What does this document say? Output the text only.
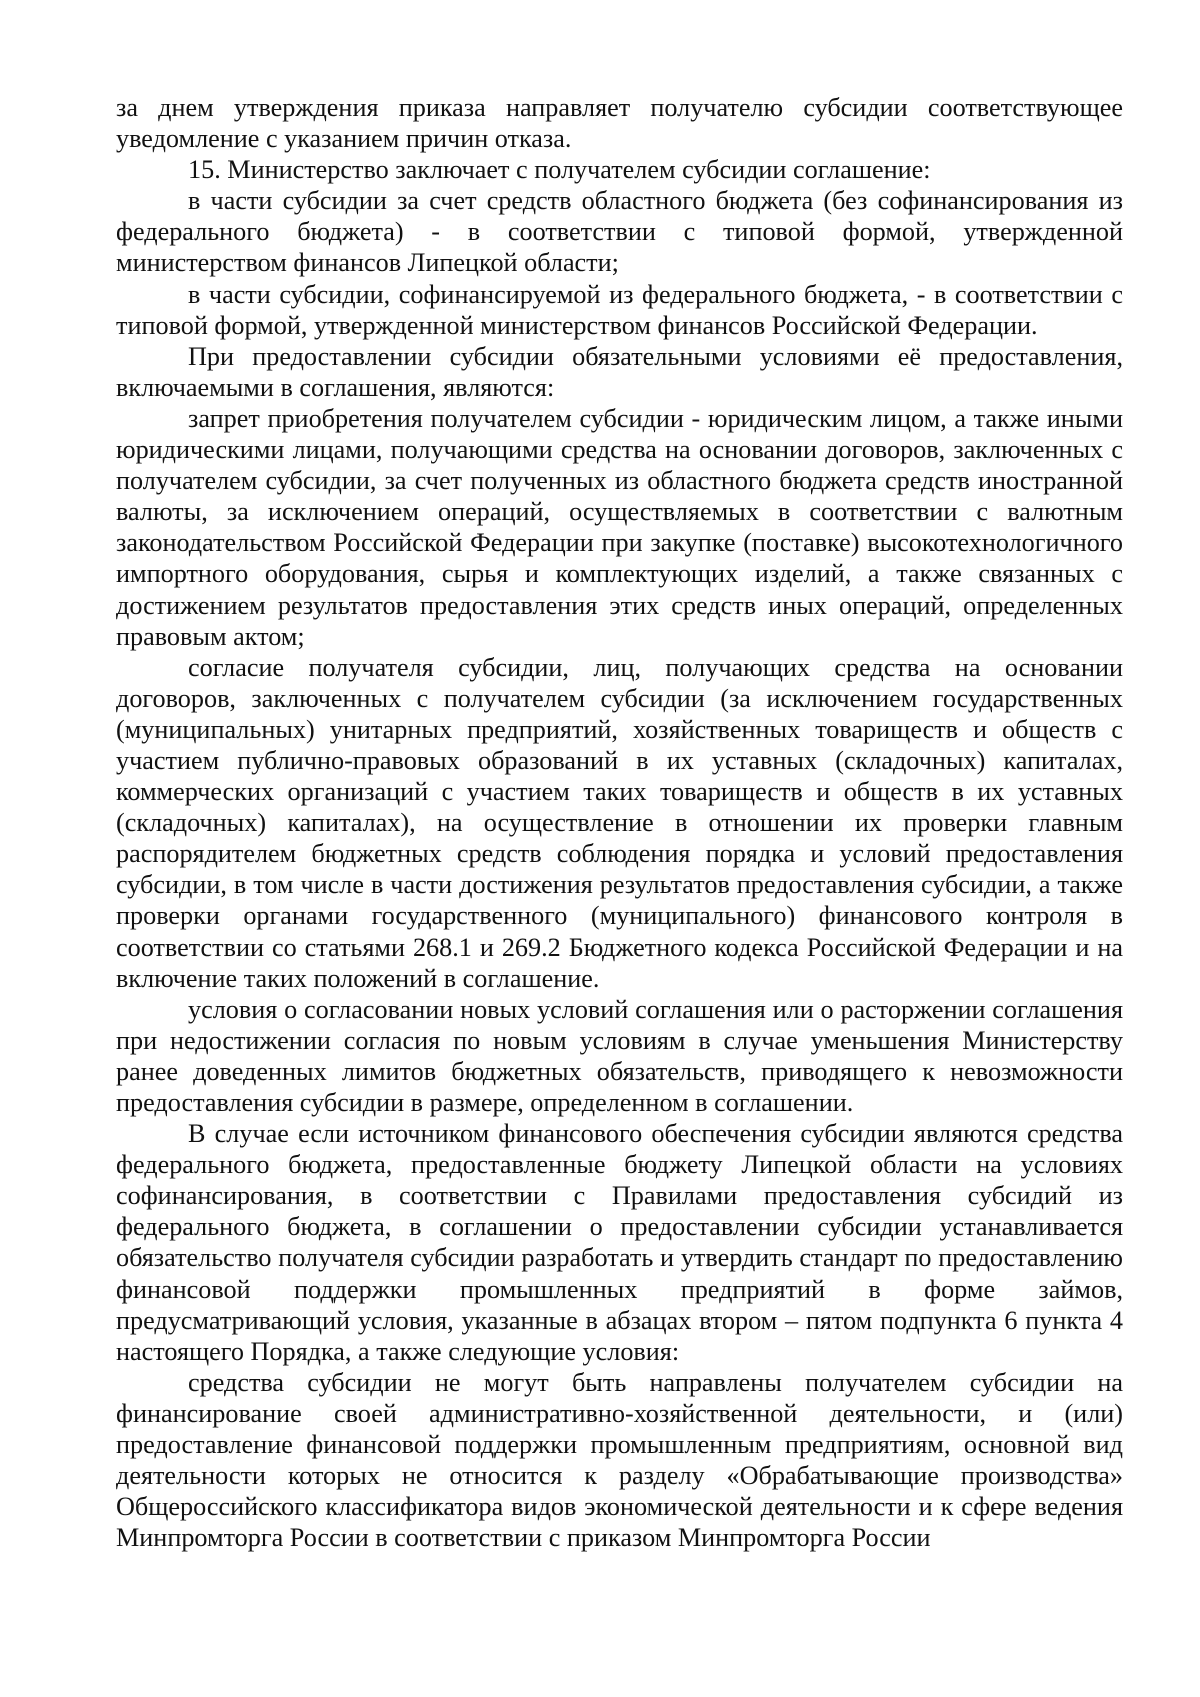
за днем утверждения приказа направляет получателю субсидии соответствующее уведомление с указанием причин отказа.

15. Министерство заключает с получателем субсидии соглашение:

в части субсидии за счет средств областного бюджета (без софинансирования из федерального бюджета) - в соответствии с типовой формой, утвержденной министерством финансов Липецкой области;

в части субсидии, софинансируемой из федерального бюджета, - в соответствии с типовой формой, утвержденной министерством финансов Российской Федерации.

При предоставлении субсидии обязательными условиями её предоставления, включаемыми в соглашения, являются:

запрет приобретения получателем субсидии - юридическим лицом, а также иными юридическими лицами, получающими средства на основании договоров, заключенных с получателем субсидии, за счет полученных из областного бюджета средств иностранной валюты, за исключением операций, осуществляемых в соответствии с валютным законодательством Российской Федерации при закупке (поставке) высокотехнологичного импортного оборудования, сырья и комплектующих изделий, а также связанных с достижением результатов предоставления этих средств иных операций, определенных правовым актом;

согласие получателя субсидии, лиц, получающих средства на основании договоров, заключенных с получателем субсидии (за исключением государственных (муниципальных) унитарных предприятий, хозяйственных товариществ и обществ с участием публично-правовых образований в их уставных (складочных) капиталах, коммерческих организаций с участием таких товариществ и обществ в их уставных (складочных) капиталах), на осуществление в отношении их проверки главным распорядителем бюджетных средств соблюдения порядка и условий предоставления субсидии, в том числе в части достижения результатов предоставления субсидии, а также проверки органами государственного (муниципального) финансового контроля в соответствии со статьями 268.1 и 269.2 Бюджетного кодекса Российской Федерации и на включение таких положений в соглашение.

условия о согласовании новых условий соглашения или о расторжении соглашения при недостижении согласия по новым условиям в случае уменьшения Министерству ранее доведенных лимитов бюджетных обязательств, приводящего к невозможности предоставления субсидии в размере, определенном в соглашении.

В случае если источником финансового обеспечения субсидии являются средства федерального бюджета, предоставленные бюджету Липецкой области на условиях софинансирования, в соответствии с Правилами предоставления субсидий из федерального бюджета, в соглашении о предоставлении субсидии устанавливается обязательство получателя субсидии разработать и утвердить стандарт по предоставлению финансовой поддержки промышленных предприятий в форме займов, предусматривающий условия, указанные в абзацах втором – пятом подпункта 6 пункта 4 настоящего Порядка, а также следующие условия:

средства субсидии не могут быть направлены получателем субсидии на финансирование своей административно-хозяйственной деятельности, и (или) предоставление финансовой поддержки промышленным предприятиям, основной вид деятельности которых не относится к разделу «Обрабатывающие производства» Общероссийского классификатора видов экономической деятельности и к сфере ведения Минпромторга России в соответствии с приказом Минпромторга России
